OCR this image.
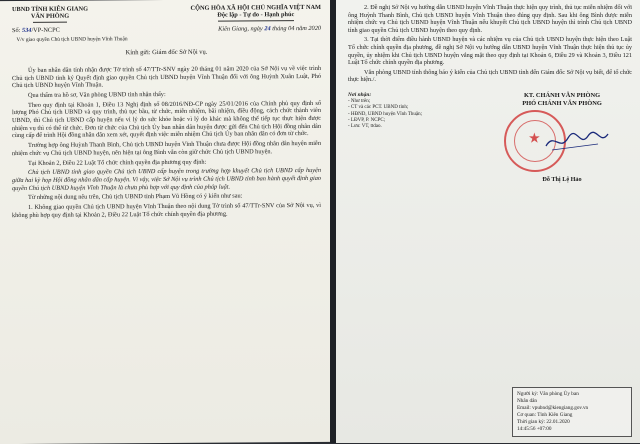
UBND TỈNH KIÊN GIANG
VĂN PHÒNG
CỘNG HÒA XÃ HỘI CHỦ NGHĨA VIỆT NAM
Độc lập - Tự do - Hạnh phúc
Số: 534/VP-NCPC	Kiên Giang, ngày 24 tháng 04 năm 2020
V/v giao quyền Chủ tịch UBND huyện Vĩnh Thuận
Kính gửi: Giám đốc Sở Nội vụ.

Ủy ban nhân dân tỉnh nhận được Tờ trình số 47/TTr-SNV ngày 20 tháng 01 năm 2020 của Sở Nội vụ về việc trình Chủ tịch UBND tỉnh ký Quyết định giao quyền Chủ tịch UBND huyện Vĩnh Thuận đối với ông Huỳnh Xuân Luật, Phó Chủ tịch UBND huyện Vĩnh Thuận.

Qua thẩm tra hồ sơ, Văn phòng UBND tỉnh nhận thấy:

Theo quy định tại Khoản 1, Điều 13 Nghị định số 08/2016/NĐ-CP ngày 25/01/2016 của Chính phủ quy định số lượng Phó Chủ tịch UBND và quy trình, thủ tục bầu, từ chức, miễn nhiệm, bãi nhiệm, điều động, cách chức thành viên UBND, thì Chủ tịch UBND cấp huyện nếu vì lý do sức khỏe hoặc vì lý do khác mà không thể tiếp tục thực hiện được nhiệm vụ thì có thể từ chức. Đơn từ chức của Chủ tịch Ủy ban nhân dân huyện được gửi đến Chủ tịch Hội đồng nhân dân cùng cấp để trình Hội đồng nhân dân xem xét, quyết định việc miễn nhiệm Chủ tịch Ủy ban nhân dân có đơn từ chức.

Trường hợp ông Huỳnh Thanh Bình, Chủ tịch UBND huyện Vĩnh Thuận chưa được Hội đồng nhân dân huyện miễn nhiệm chức vụ Chủ tịch UBND huyện, nên hiện tại ông Bình vẫn còn giữ chức Chủ tịch UBND huyện.

Tại Khoản 2, Điều 22 Luật Tổ chức chính quyền địa phương quy định:

Chủ tịch UBND tỉnh giao quyền Chủ tịch UBND cấp huyện trong trường hợp khuyết Chủ tịch UBND cấp huyện giữa hai kỳ họp Hội đồng nhân dân cấp huyện. Vì vậy, việc Sở Nội vụ trình Chủ tịch UBND tỉnh ban hành quyết định giao quyền Chủ tịch UBND huyện Vĩnh Thuận là chưa phù hợp với quy định của pháp luật.

Từ những nội dung nêu trên, Chủ tịch UBND tỉnh Phạm Vũ Hồng có ý kiến như sau:

1. Không giao quyền Chủ tịch UBND huyện Vĩnh Thuận theo nội dung Tờ trình số 47/TTr-SNV của Sở Nội vụ, vì không phù hợp quy định tại Khoản 2, Điều 22 Luật Tổ chức chính quyền địa phương.

2. Đề nghị Sở Nội vụ hướng dẫn UBND huyện Vĩnh Thuận thực hiện quy trình, thủ tục miễn nhiệm đối với ông Huỳnh Thanh Bình, Chủ tịch UBND huyện Vĩnh Thuận theo đúng quy định. Sau khi ông Bình được miễn nhiệm chức vụ Chủ tịch UBND huyện Vĩnh Thuận nếu khuyết Chủ tịch UBND huyện thì trình Chủ tịch UBND tỉnh giao quyền Chủ tịch UBND huyện theo quy định.

3. Tại thời điểm điều hành UBND huyện và các nhiệm vụ của Chủ tịch UBND huyện thực hiện theo Luật Tổ chức chính quyền địa phương, đề nghị Sở Nội vụ hướng dẫn UBND huyện Vĩnh Thuận thực hiện thủ tục ủy quyền, ủy nhiệm khi Chủ tịch UBND huyện vắng mặt theo quy định tại Khoản 6, Điều 29 và Khoản 3, Điều 121 Luật Tổ chức chính quyền địa phương.

Văn phòng UBND tỉnh thông báo ý kiến của Chủ tịch UBND tỉnh đến Giám đốc Sở Nội vụ biết, để tổ chức thực hiện./.

Nơi nhận:
- Như trên;
- CT và các PCT. UBND tỉnh;
- HĐND, UBND huyện Vĩnh Thuận;
- LĐVP, P. NCPC;
- Lưu: VT, ttdao.
KT. CHÁNH VĂN PHÒNG
PHÓ CHÁNH VĂN PHÒNG
★
Đỗ Thị Lệ Hảo
Người ký: Văn phòng Ủy ban
Nhân dân
Email: vpubnd@kiengiang.gov.vn
Cơ quan: Tỉnh Kiên Giang
Thời gian ký: 22.01.2020
14:45:56 +07:00
